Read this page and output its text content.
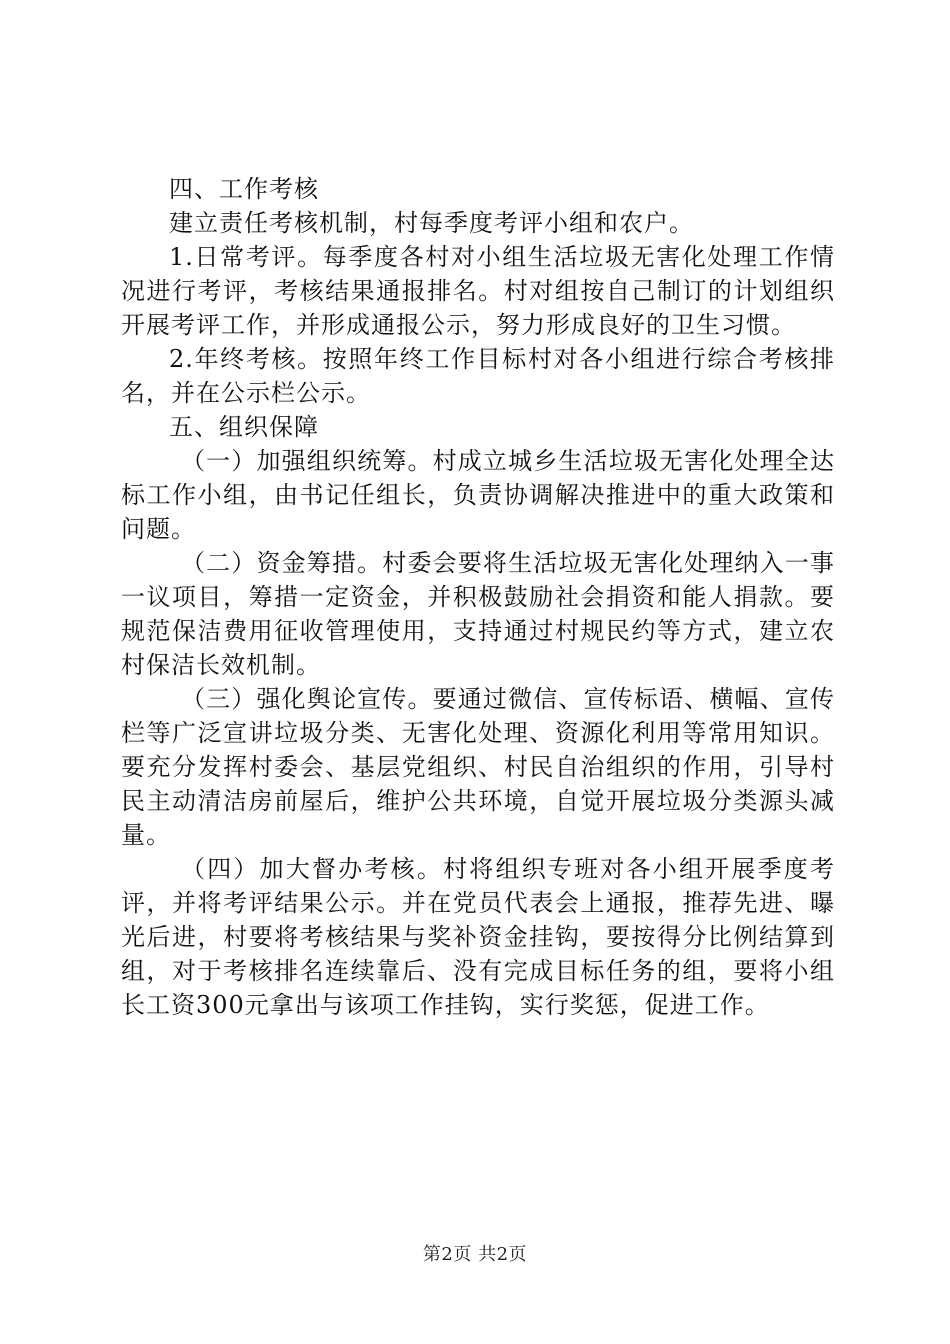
四、工作考核

建立责任考核机制，村每季度考评小组和农户。

1.日常考评。每季度各村对小组生活垃圾无害化处理工作情况进行考评，考核结果通报排名。村对组按自己制订的计划组织开展考评工作，并形成通报公示，努力形成良好的卫生习惯。

2.年终考核。按照年终工作目标村对各小组进行综合考核排名，并在公示栏公示。

五、组织保障

（一）加强组织统筹。村成立城乡生活垃圾无害化处理全达标工作小组，由书记任组长，负责协调解决推进中的重大政策和问题。

（二）资金筹措。村委会要将生活垃圾无害化处理纳入一事一议项目，筹措一定资金，并积极鼓励社会捐资和能人捐款。要规范保洁费用征收管理使用，支持通过村规民约等方式，建立农村保洁长效机制。

（三）强化舆论宣传。要通过微信、宣传标语、横幅、宣传栏等广泛宣讲垃圾分类、无害化处理、资源化利用等常用知识。要充分发挥村委会、基层党组织、村民自治组织的作用，引导村民主动清洁房前屋后，维护公共环境，自觉开展垃圾分类源头减量。

（四）加大督办考核。村将组织专班对各小组开展季度考评，并将考评结果公示。并在党员代表会上通报，推荐先进、曝光后进，村要将考核结果与奖补资金挂钩，要按得分比例结算到组，对于考核排名连续靠后、没有完成目标任务的组，要将小组长工资300元拿出与该项工作挂钩，实行奖惩，促进工作。

第2页 共2页
